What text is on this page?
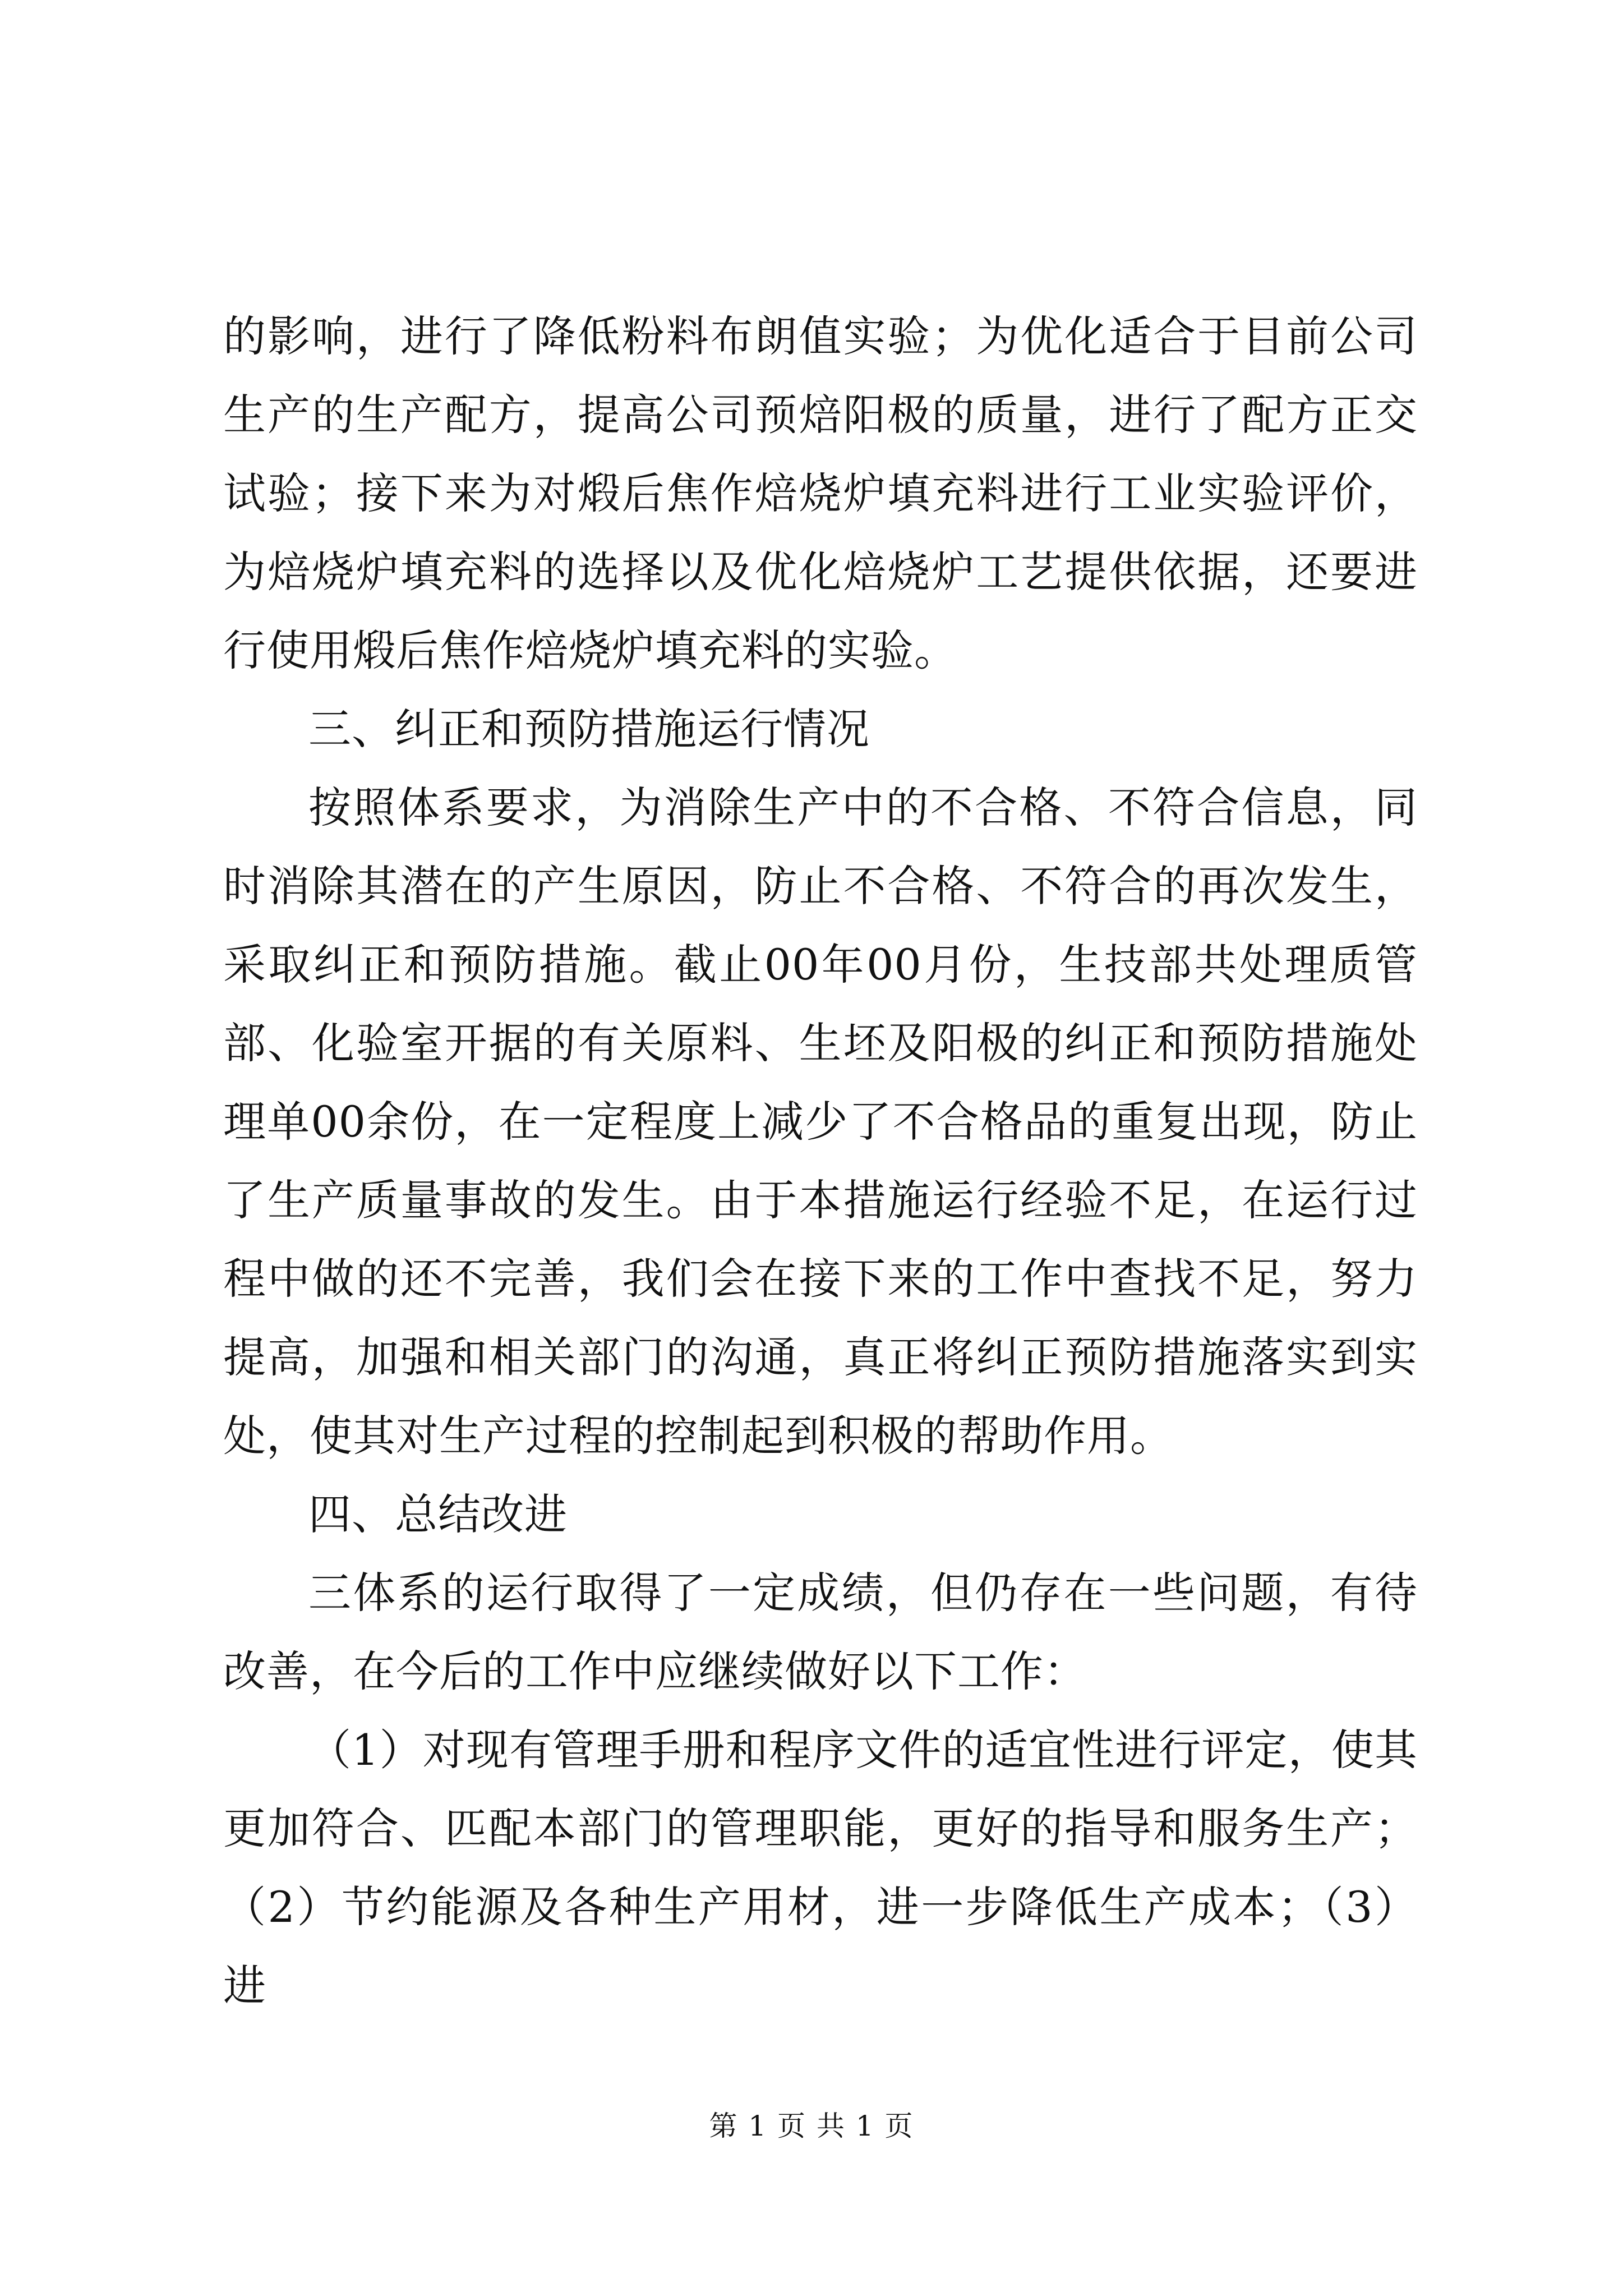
的影响，进行了降低粉料布朗值实验；为优化适合于目前公司生产的生产配方，提高公司预焙阳极的质量，进行了配方正交试验；接下来为对煅后焦作焙烧炉填充料进行工业实验评价，为焙烧炉填充料的选择以及优化焙烧炉工艺提供依据，还要进行使用煅后焦作焙烧炉填充料的实验。

三、纠正和预防措施运行情况

按照体系要求，为消除生产中的不合格、不符合信息，同时消除其潜在的产生原因，防止不合格、不符合的再次发生，采取纠正和预防措施。截止00年00月份，生技部共处理质管部、化验室开据的有关原料、生坯及阳极的纠正和预防措施处理单00余份，在一定程度上减少了不合格品的重复出现，防止了生产质量事故的发生。由于本措施运行经验不足，在运行过程中做的还不完善，我们会在接下来的工作中查找不足，努力提高，加强和相关部门的沟通，真正将纠正预防措施落实到实处，使其对生产过程的控制起到积极的帮助作用。

四、总结改进

三体系的运行取得了一定成绩，但仍存在一些问题，有待改善，在今后的工作中应继续做好以下工作：

（1）对现有管理手册和程序文件的适宜性进行评定，使其更加符合、匹配本部门的管理职能，更好的指导和服务生产；（2）节约能源及各种生产用材，进一步降低生产成本；（3）进

第 1 页 共 1 页
